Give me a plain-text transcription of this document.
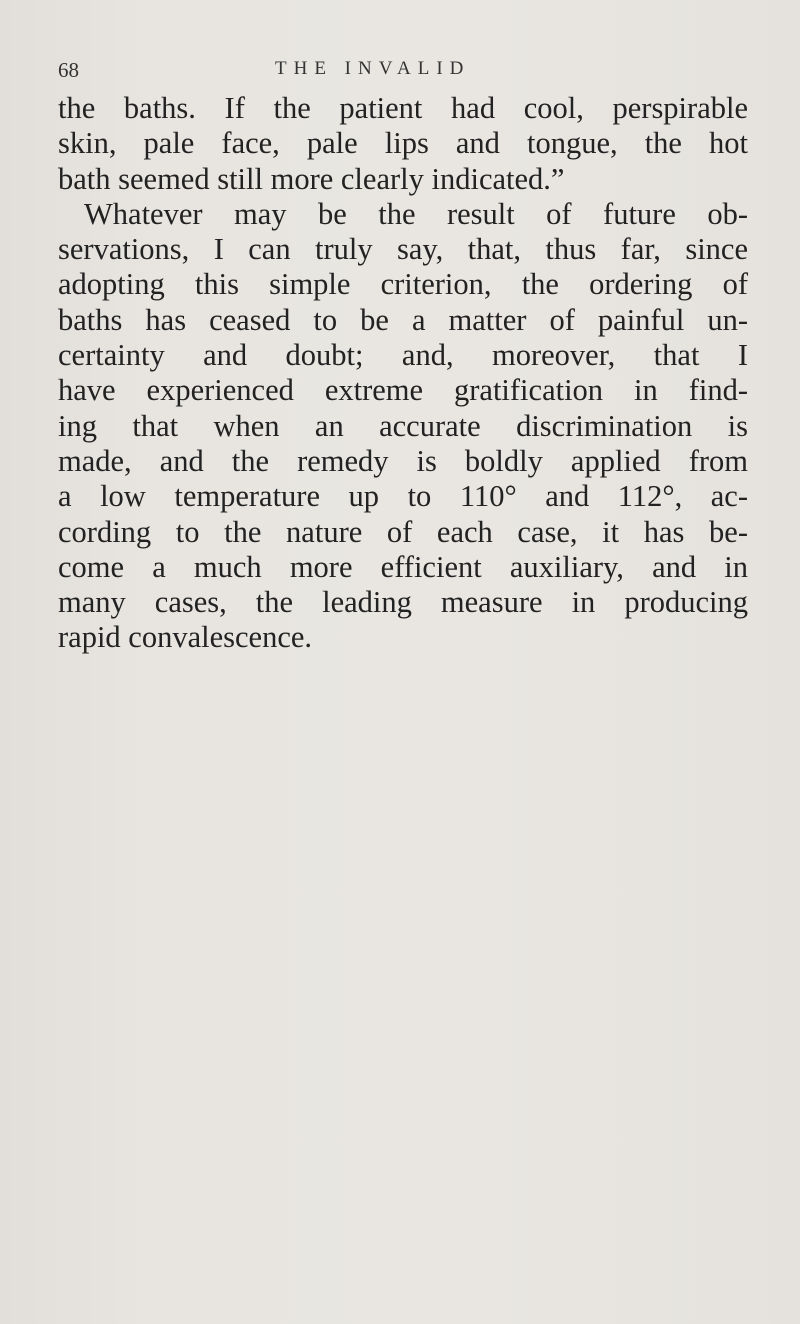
68	THE INVALID
the baths. If the patient had cool, perspirable
skin, pale face, pale lips and tongue, the hot
bath seemed still more clearly indicated.”
Whatever may be the result of future ob-
servations, I can truly say, that, thus far, since
adopting this simple criterion, the ordering of
baths has ceased to be a matter of painful un-
certainty and doubt; and, moreover, that I
have experienced extreme gratification in find-
ing that when an accurate discrimination is
made, and the remedy is boldly applied from
a low temperature up to 110° and 112°, ac-
cording to the nature of each case, it has be-
come a much more efficient auxiliary, and in
many cases, the leading measure in producing
rapid convalescence.
